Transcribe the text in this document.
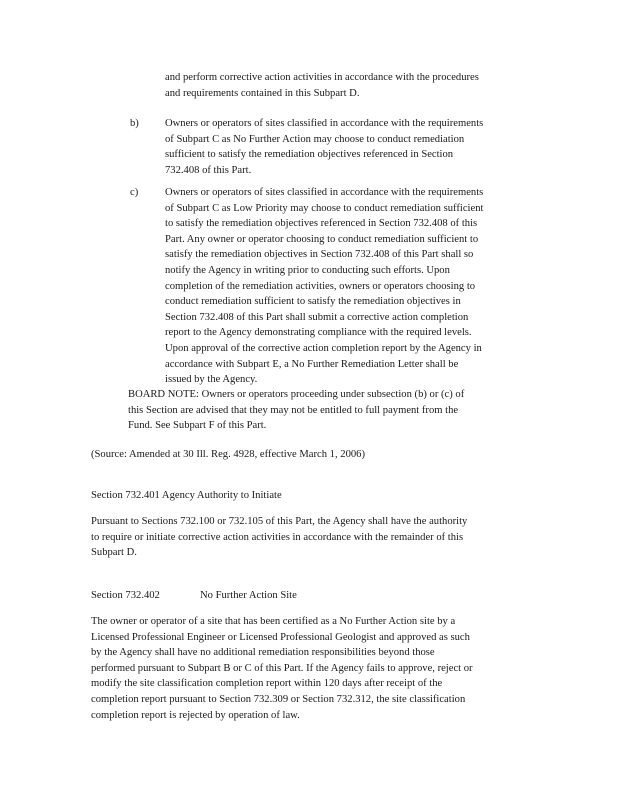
and perform corrective action activities in accordance with the procedures
and requirements contained in this Subpart D.
b) Owners or operators of sites classified in accordance with the requirements
of Subpart C as No Further Action may choose to conduct remediation
sufficient to satisfy the remediation objectives referenced in Section
732.408 of this Part.
c)	Owners or operators of sites classified in accordance with the requirements
of Subpart C as Low Priority may choose to conduct remediation sufficient
to satisfy the remediation objectives referenced in Section 732.408 of this
Part. Any owner or operator choosing to conduct remediation sufficient to
satisfy the remediation objectives in Section 732.408 of this Part shall so
notify the Agency in writing prior to conducting such efforts. Upon
completion of the remediation activities, owners or operators choosing to
conduct remediation sufficient to satisfy the remediation objectives in
Section 732.408 of this Part shall submit a corrective action completion
report to the Agency demonstrating compliance with the required levels.
Upon approval of the corrective action completion report by the Agency in
accordance with Subpart E, a No Further Remediation Letter shall be
issued by the Agency.
BOARD NOTE: Owners or operators proceeding under subsection (b) or (c) of
this Section are advised that they may not be entitled to full payment from the
Fund. See Subpart F of this Part.
(Source: Amended at 30 Ill. Reg. 4928, effective March 1, 2006)
Section 732.401 Agency Authority to Initiate
Pursuant to Sections 732.100 or 732.105 of this Part, the Agency shall have the authority
to require or initiate corrective action activities in accordance with the remainder of this
Subpart D.
Section 732.402	No Further Action Site
The owner or operator of a site that has been certified as a No Further Action site by a
Licensed Professional Engineer or Licensed Professional Geologist and approved as such
by the Agency shall have no additional remediation responsibilities beyond those
performed pursuant to Subpart B or C of this Part. If the Agency fails to approve, reject or
modify the site classification completion report within 120 days after receipt of the
completion report pursuant to Section 732.309 or Section 732.312, the site classification
completion report is rejected by operation of law.
